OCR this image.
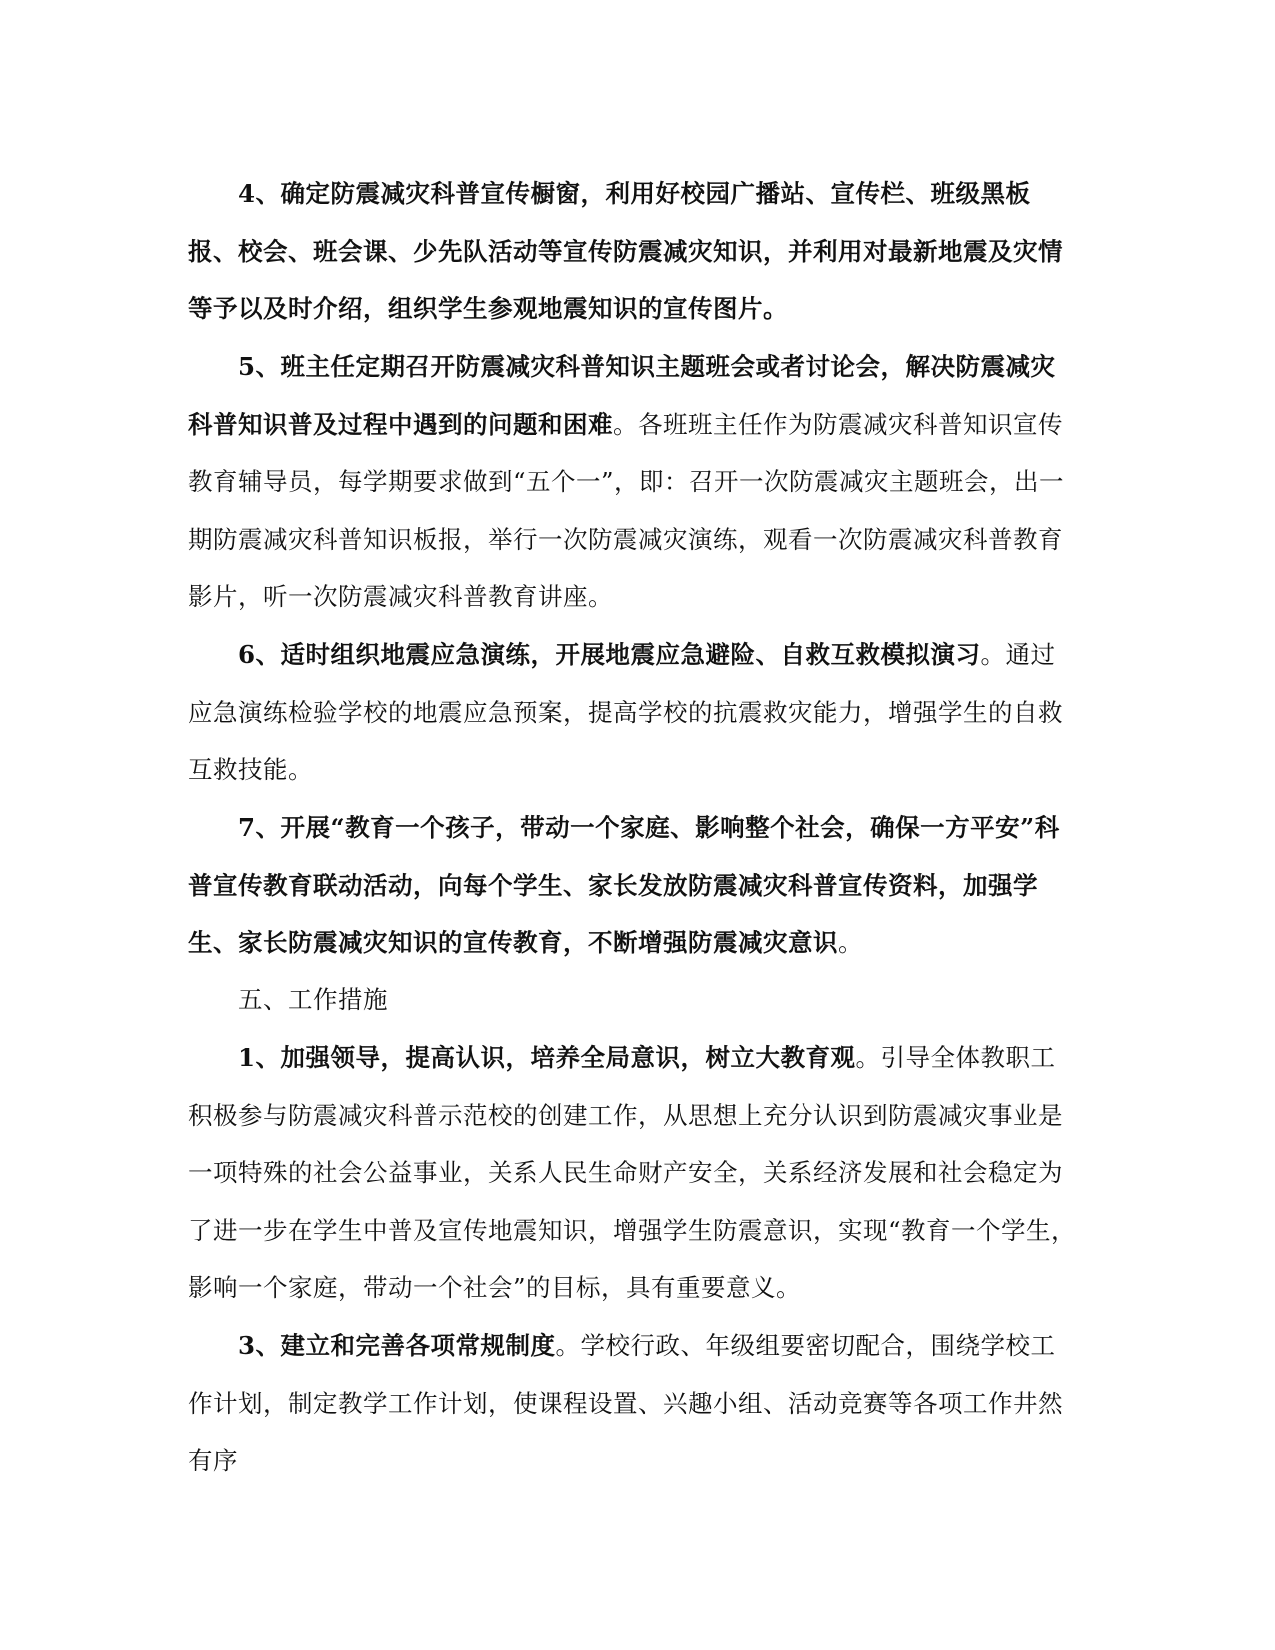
4、确定防震减灾科普宣传橱窗，利用好校园广播站、宣传栏、班级黑板报、校会、班会课、少先队活动等宣传防震减灾知识，并利用对最新地震及灾情等予以及时介绍，组织学生参观地震知识的宣传图片。

5、班主任定期召开防震减灾科普知识主题班会或者讨论会，解决防震减灾科普知识普及过程中遇到的问题和困难。各班班主任作为防震减灾科普知识宣传教育辅导员，每学期要求做到“五个一”，即：召开一次防震减灾主题班会，出一期防震减灾科普知识板报，举行一次防震减灾演练，观看一次防震减灾科普教育影片，听一次防震减灾科普教育讲座。

6、适时组织地震应急演练，开展地震应急避险、自救互救模拟演习。通过应急演练检验学校的地震应急预案，提高学校的抗震救灾能力，增强学生的自救互救技能。

7、开展“教育一个孩子，带动一个家庭、影响整个社会，确保一方平安”科普宣传教育联动活动，向每个学生、家长发放防震减灾科普宣传资料，加强学生、家长防震减灾知识的宣传教育，不断增强防震减灾意识。

五、工作措施

1、加强领导，提高认识，培养全局意识，树立大教育观。引导全体教职工积极参与防震减灾科普示范校的创建工作，从思想上充分认识到防震减灾事业是一项特殊的社会公益事业，关系人民生命财产安全，关系经济发展和社会稳定为了进一步在学生中普及宣传地震知识，增强学生防震意识，实现“教育一个学生，影响一个家庭，带动一个社会”的目标，具有重要意义。

3、建立和完善各项常规制度。学校行政、年级组要密切配合，围绕学校工作计划，制定教学工作计划，使课程设置、兴趣小组、活动竞赛等各项工作井然有序
